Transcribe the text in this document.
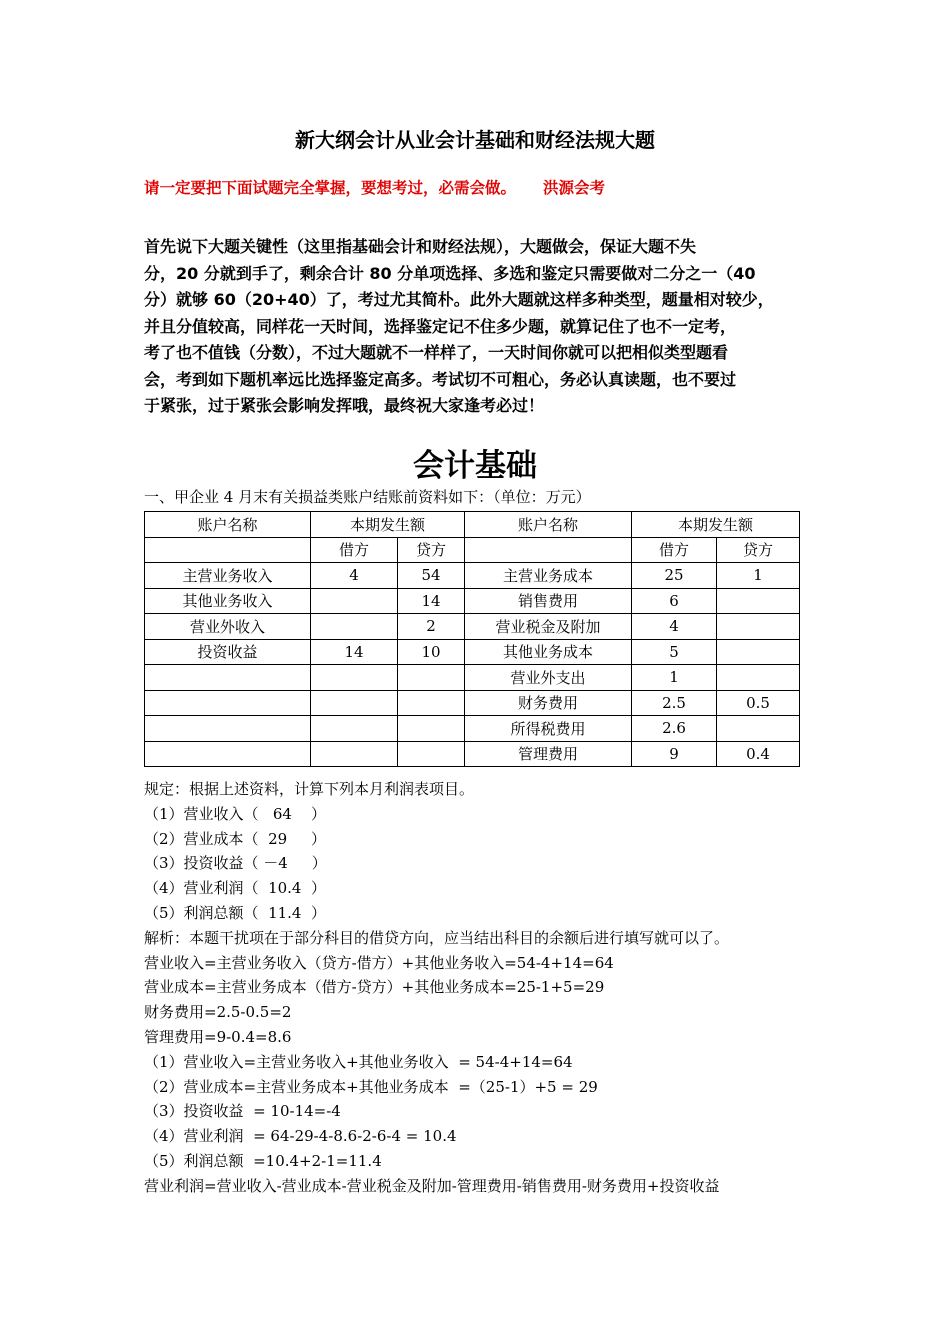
新大纲会计从业会计基础和财经法规大题
请一定要把下面试题完全掌握，要想考过，必需会做。     洪源会考
首先说下大题关键性（这里指基础会计和财经法规），大题做会，保证大题不失
分，20 分就到手了，剩余合计 80 分单项选择、多选和鉴定只需要做对二分之一（40
分）就够 60（20+40）了，考过尤其简朴。此外大题就这样多种类型，题量相对较少，
并且分值较高，同样花一天时间，选择鉴定记不住多少题，就算记住了也不一定考，
考了也不值钱（分数），不过大题就不一样样了，一天时间你就可以把相似类型题看
会，考到如下题机率远比选择鉴定高多。考试切不可粗心，务必认真读题，也不要过
于紧张，过于紧张会影响发挥哦，最终祝大家逢考必过！
会计基础
一、甲企业 4 月末有关损益类账户结账前资料如下：（单位：万元）
账户名称	本期发生额		账户名称	本期发生额	
	借方	贷方		借方	贷方
主营业务收入	4	54	主营业务成本	25	1
其他业务收入		14	销售费用	6	
营业外收入		2	营业税金及附加	4	
投资收益	14	10	其他业务成本	5	
			营业外支出	1	
			财务费用	2.5	0.5
			所得税费用	2.6	
			管理费用	9	0.4
规定：根据上述资料，计算下列本月利润表项目。
（1）营业收入（   64    ）
（2）营业成本（  29     ）
（3）投资收益（ －4     ）
（4）营业利润（  10.4  ）
（5）利润总额（  11.4  ）
解析：本题干扰项在于部分科目的借贷方向，应当结出科目的余额后进行填写就可以了。
营业收入=主营业务收入（贷方-借方）+其他业务收入=54-4+14=64
营业成本=主营业务成本（借方-贷方）+其他业务成本=25-1+5=29
财务费用=2.5-0.5=2
管理费用=9-0.4=8.6
（1）营业收入=主营业务收入+其他业务收入  = 54-4+14=64
（2）营业成本=主营业务成本+其他业务成本  =（25-1）+5 = 29
（3）投资收益  = 10-14=-4
（4）营业利润  = 64-29-4-8.6-2-6-4 = 10.4
（5）利润总额  =10.4+2-1=11.4
营业利润=营业收入-营业成本-营业税金及附加-管理费用-销售费用-财务费用+投资收益
